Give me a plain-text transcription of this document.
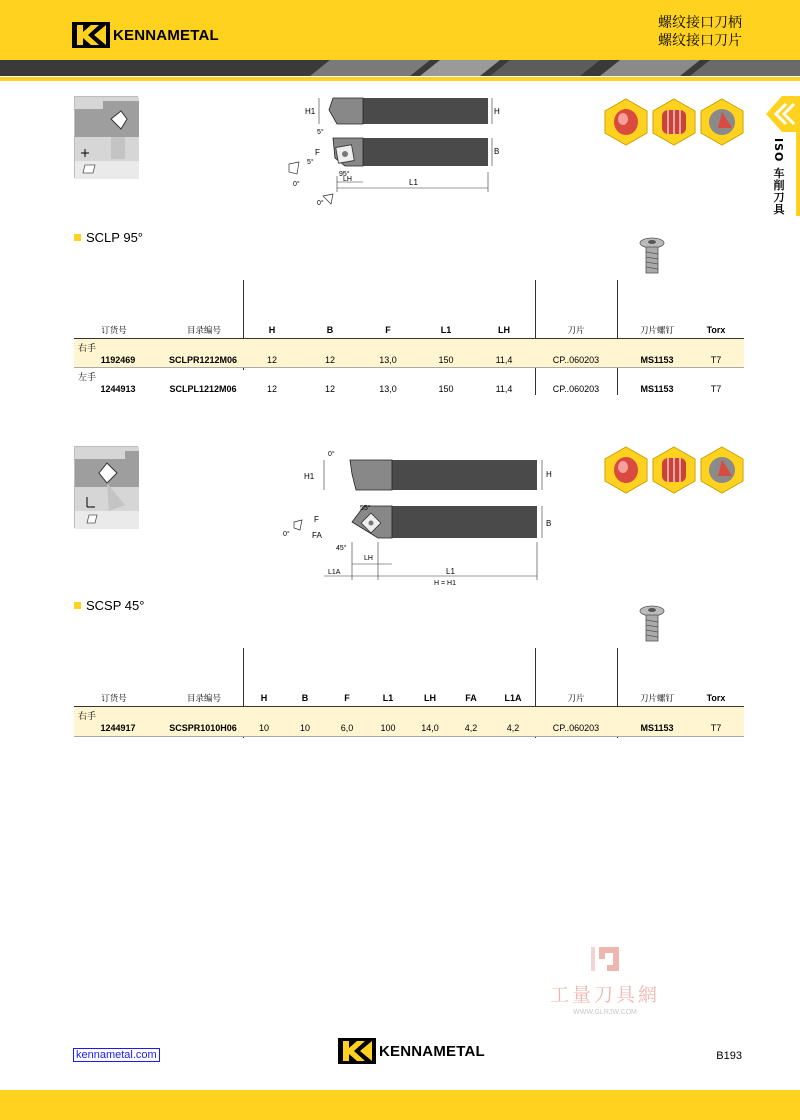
KENNAMETAL
螺纹接口刀柄
螺纹接口刀片
ISO 车削刀具
H1	H
B
F
5°
5°
0°
95°
0°
LH	L1
SCLP 95°
订货号	目录编号	H	B	F	L1	LH	刀片	刀片螺钉	Torx
右手
1192469	SCLPR1212M06	12	12	13,0	150	11,4	CP..060203	MS1153	T7
左手
1244913	SCLPL1212M06	12	12	13,0	150	11,4	CP..060203	MS1153	T7
H1	H
0°
B
F
FA
55°
0°
45°
LH
L1A	L1
H = H1
SCSP 45°
订货号	目录编号	H	B	F	L1	LH	FA	L1A	刀片	刀片螺钉	Torx
右手
1244917	SCSPR1010H06	10	10	6,0	100	14,0	4,2	4,2	CP..060203	MS1153	T7
工量刀具網
WWW.GLRJW.COM
kennametal.com	KENNAMETAL	B193
